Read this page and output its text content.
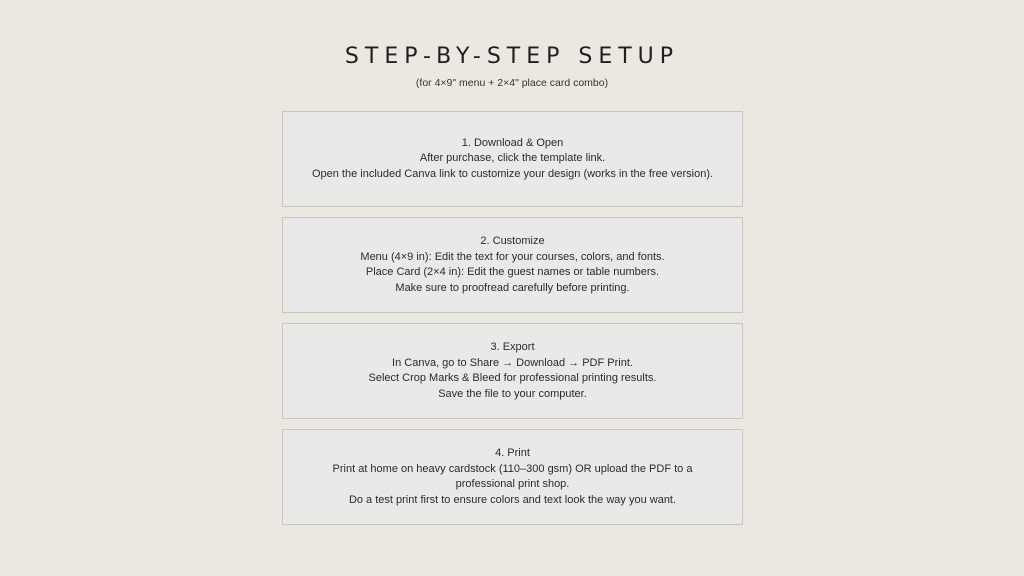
STEP-BY-STEP SETUP
(for 4×9" menu + 2×4" place card combo)
1. Download & Open
After purchase, click the template link.
Open the included Canva link to customize your design (works in the free version).
2. Customize
Menu (4×9 in): Edit the text for your courses, colors, and fonts.
Place Card (2×4 in): Edit the guest names or table numbers.
Make sure to proofread carefully before printing.
3. Export
In Canva, go to Share → Download → PDF Print.
Select Crop Marks & Bleed for professional printing results.
Save the file to your computer.
4. Print
Print at home on heavy cardstock (110–300 gsm) OR upload the PDF to a
professional print shop.
Do a test print first to ensure colors and text look the way you want.
